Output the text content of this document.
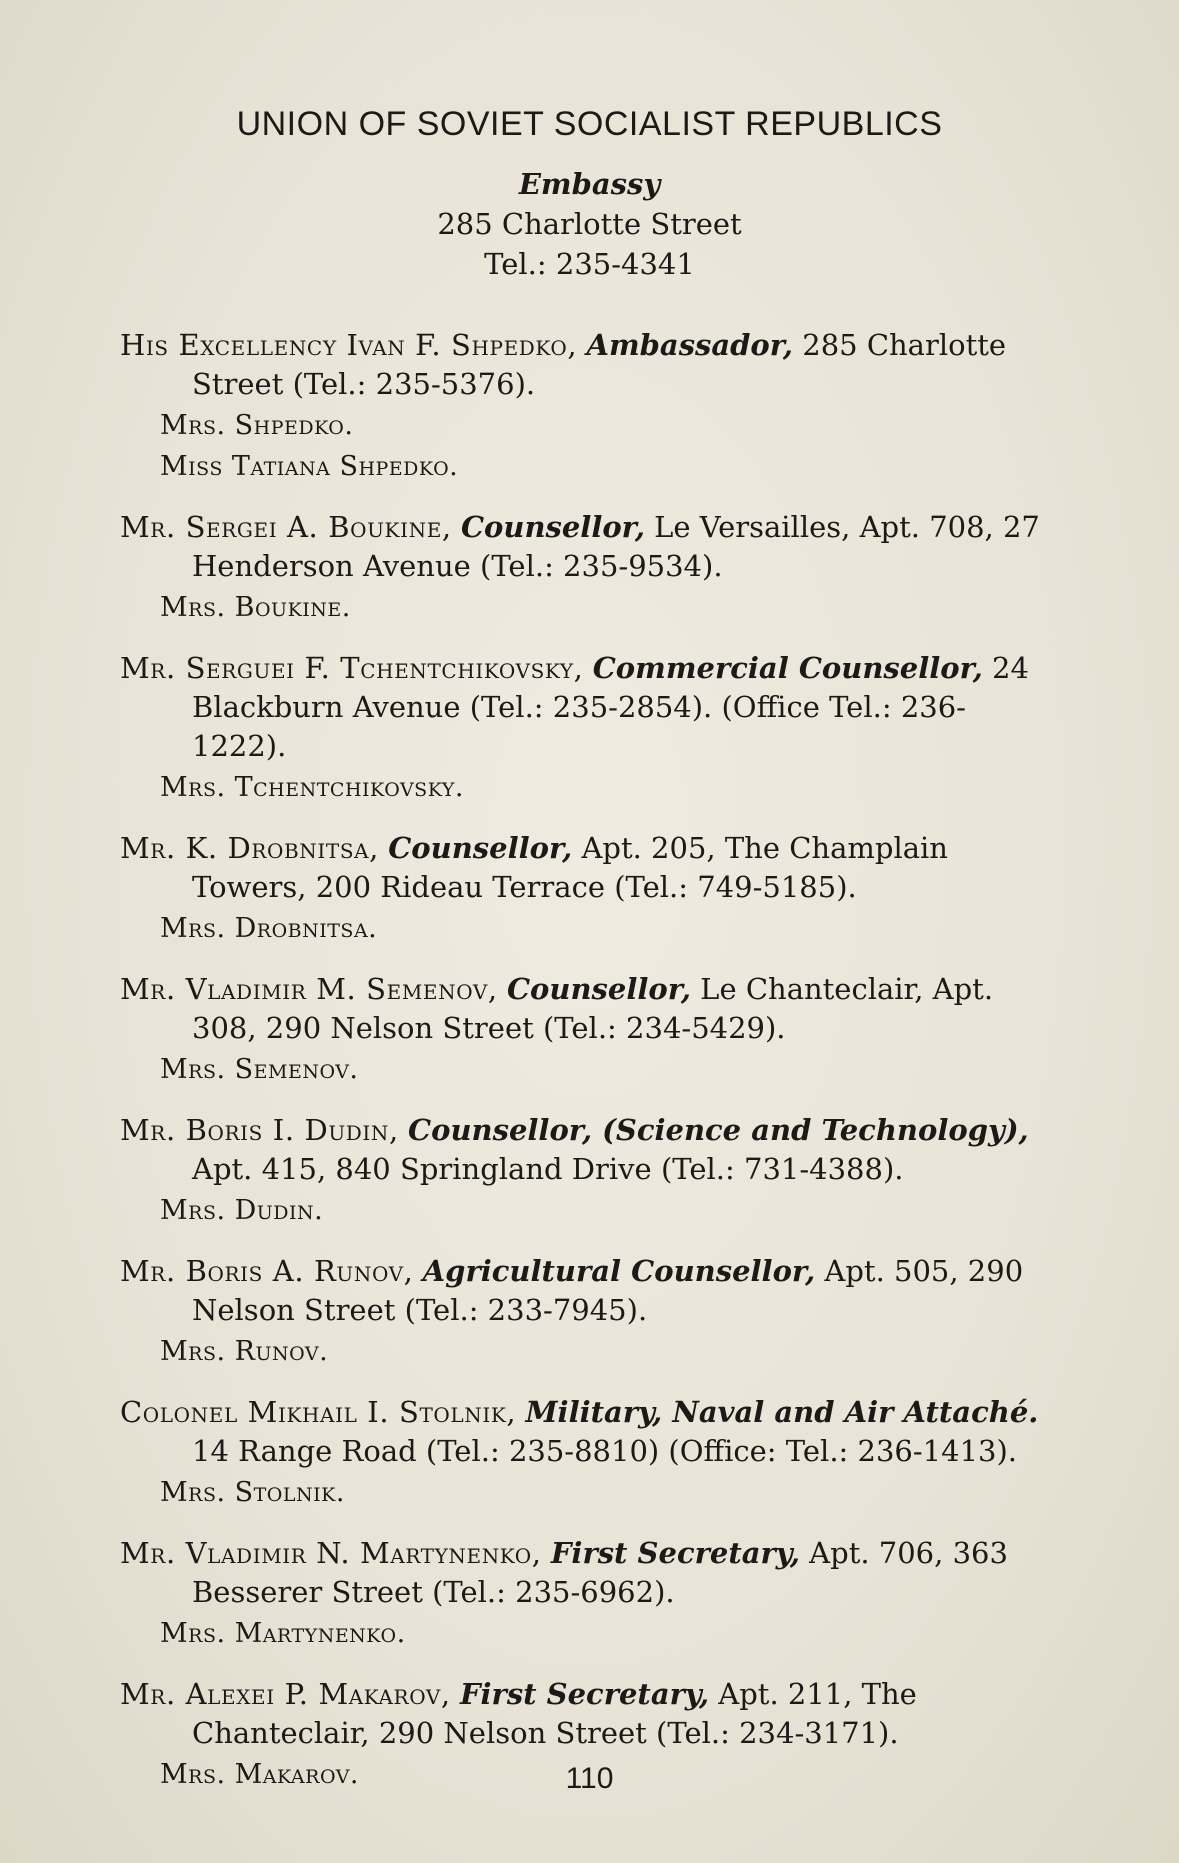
UNION OF SOVIET SOCIALIST REPUBLICS
Embassy
285 Charlotte Street
Tel.: 235-4341

His Excellency Ivan F. Shpedko, Ambassador, 285 Charlotte Street (Tel.: 235-5376).

Mrs. Shpedko.
Miss Tatiana Shpedko.

Mr. Sergei A. Boukine, Counsellor, Le Versailles, Apt. 708, 27 Henderson Avenue (Tel.: 235-9534).

Mrs. Boukine.

Mr. Serguei F. Tchentchikovsky, Commercial Counsellor, 24 Blackburn Avenue (Tel.: 235-2854). (Office Tel.: 236-1222).

Mrs. Tchentchikovsky.

Mr. K. Drobnitsa, Counsellor, Apt. 205, The Champlain Towers, 200 Rideau Terrace (Tel.: 749-5185).

Mrs. Drobnitsa.

Mr. Vladimir M. Semenov, Counsellor, Le Chanteclair, Apt. 308, 290 Nelson Street (Tel.: 234-5429).

Mrs. Semenov.

Mr. Boris I. Dudin, Counsellor, (Science and Technology), Apt. 415, 840 Springland Drive (Tel.: 731-4388).

Mrs. Dudin.

Mr. Boris A. Runov, Agricultural Counsellor, Apt. 505, 290 Nelson Street (Tel.: 233-7945).

Mrs. Runov.

Colonel Mikhail I. Stolnik, Military, Naval and Air Attaché. 14 Range Road (Tel.: 235-8810) (Office: Tel.: 236-1413).

Mrs. Stolnik.

Mr. Vladimir N. Martynenko, First Secretary, Apt. 706, 363 Besserer Street (Tel.: 235-6962).

Mrs. Martynenko.

Mr. Alexei P. Makarov, First Secretary, Apt. 211, The Chanteclair, 290 Nelson Street (Tel.: 234-3171).

Mrs. Makarov.	110
